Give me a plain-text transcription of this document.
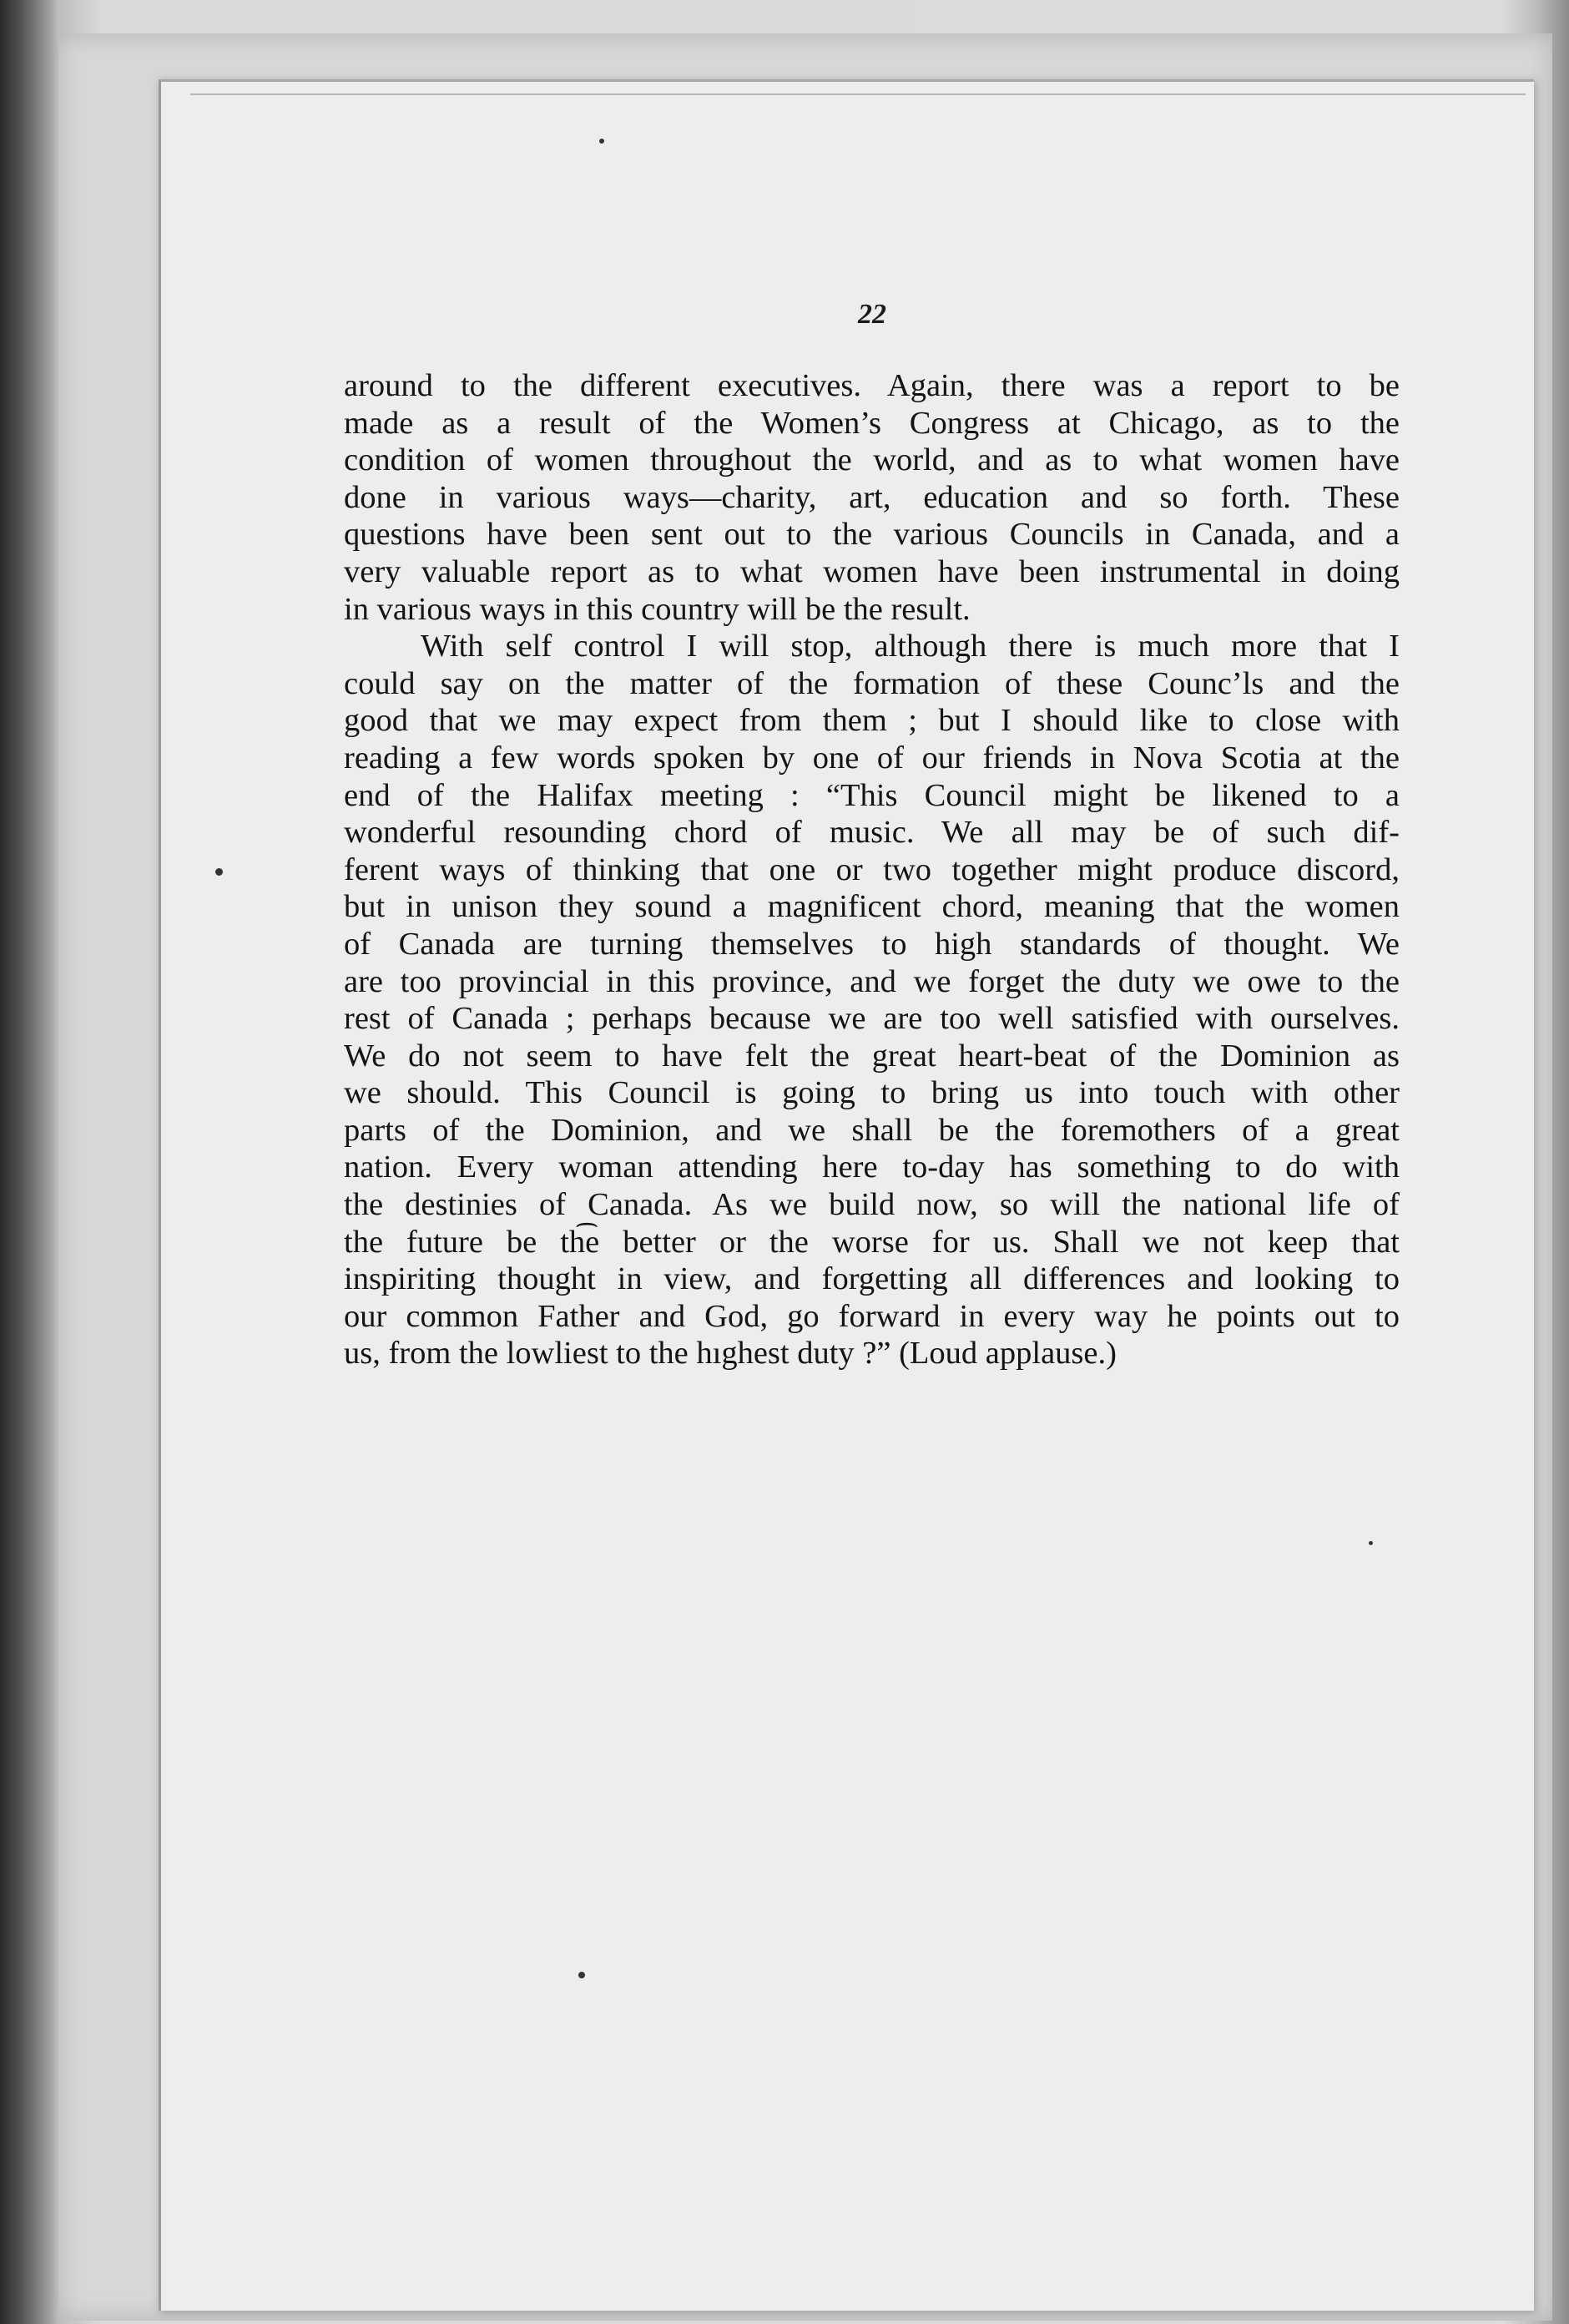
22
around to the different executives. Again, there was a report to be
made as a result of the Women’s Congress at Chicago, as to the
condition of women throughout the world, and as to what women have
done in various ways—charity, art, education and so forth. These
questions have been sent out to the various Councils in Canada, and a
very valuable report as to what women have been instrumental in doing
in various ways in this country will be the result.
With self control I will stop, although there is much more that I
could say on the matter of the formation of these Counc’ls and the
good that we may expect from them ; but I should like to close with
reading a few words spoken by one of our friends in Nova Scotia at the
end of the Halifax meeting : “This Council might be likened to a
wonderful resounding chord of music. We all may be of such dif-
ferent ways of thinking that one or two together might produce discord,
but in unison they sound a magnificent chord, meaning that the women
of Canada are turning themselves to high standards of thought. We
are too provincial in this province, and we forget the duty we owe to the
rest of Canada ; perhaps because we are too well satisfied with ourselves.
We do not seem to have felt the great heart-beat of the Dominion as
we should. This Council is going to bring us into touch with other
parts of the Dominion, and we shall be the foremothers of a great
nation. Every woman attending here to-day has something to do with
the destinies of Canada. As we build now, so will the national life of
the future be th͡e better or the worse for us. Shall we not keep that
inspiriting thought in view, and forgetting all differences and looking to
our common Father and God, go forward in every way he points out to
us, from the lowliest to the hıghest duty ?” (Loud applause.)
